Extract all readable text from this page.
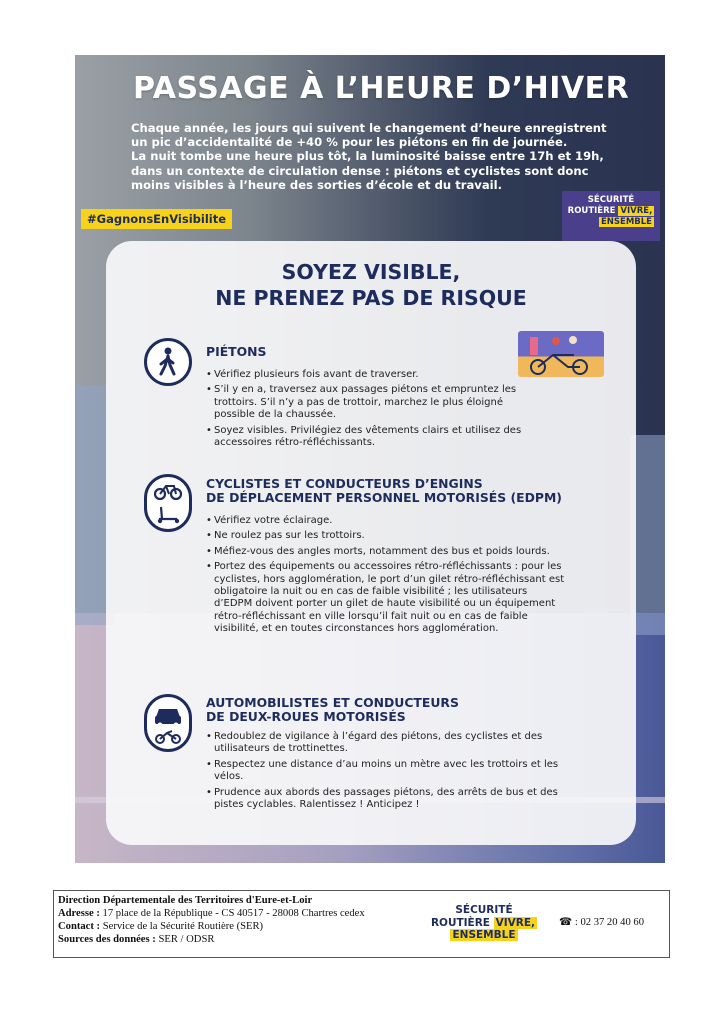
PASSAGE À L’HEURE D’HIVER

Chaque année, les jours qui suivent le changement d’heure enregistrent

un pic d’accidentalité de +40 % pour les piétons en fin de journée.

La nuit tombe une heure plus tôt, la luminosité baisse entre 17h et 19h,

dans un contexte de circulation dense : piétons et cyclistes sont donc

moins visibles à l’heure des sorties d’école et du travail.

#GagnonsEnVisibilite
SÉCURITÉ
ROUTIÈRE VIVRE,
ENSEMBLE
SOYEZ VISIBLE,
NE PRENEZ PAS DE RISQUE
PIÉTONS
• Vérifiez plusieurs fois avant de traverser.
• S’il y en a, traversez aux passages piétons et empruntez les trottoirs. S’il n’y a pas de trottoir, marchez le plus éloigné possible de la chaussée.
• Soyez visibles. Privilégiez des vêtements clairs et utilisez des accessoires rétro-réfléchissants.
CYCLISTES ET CONDUCTEURS D’ENGINS
DE DÉPLACEMENT PERSONNEL MOTORISÉS (EDPM)
• Vérifiez votre éclairage.
• Ne roulez pas sur les trottoirs.
• Méfiez-vous des angles morts, notamment des bus et poids lourds.
• Portez des équipements ou accessoires rétro-réfléchissants : pour les cyclistes, hors agglomération, le port d’un gilet rétro-réfléchissant est obligatoire la nuit ou en cas de faible visibilité ; les utilisateurs d’EDPM doivent porter un gilet de haute visibilité ou un équipement rétro-réfléchissant en ville lorsqu’il fait nuit ou en cas de faible visibilité, et en toutes circonstances hors agglomération.
AUTOMOBILISTES ET CONDUCTEURS
DE DEUX-ROUES MOTORISÉS
• Redoublez de vigilance à l’égard des piétons, des cyclistes et des utilisateurs de trottinettes.
• Respectez une distance d’au moins un mètre avec les trottoirs et les vélos.
• Prudence aux abords des passages piétons, des arrêts de bus et des pistes cyclables. Ralentissez ! Anticipez !
Direction Départementale des Territoires d'Eure-et-Loir
Adresse : 17 place de la République - CS 40517 - 28008 Chartres cedex
Contact : Service de la Sécurité Routière (SER)
Sources des données : SER / ODSR
SÉCURITÉ
ROUTIÈRE VIVRE,
ENSEMBLE
☎ : 02 37 20 40 60
